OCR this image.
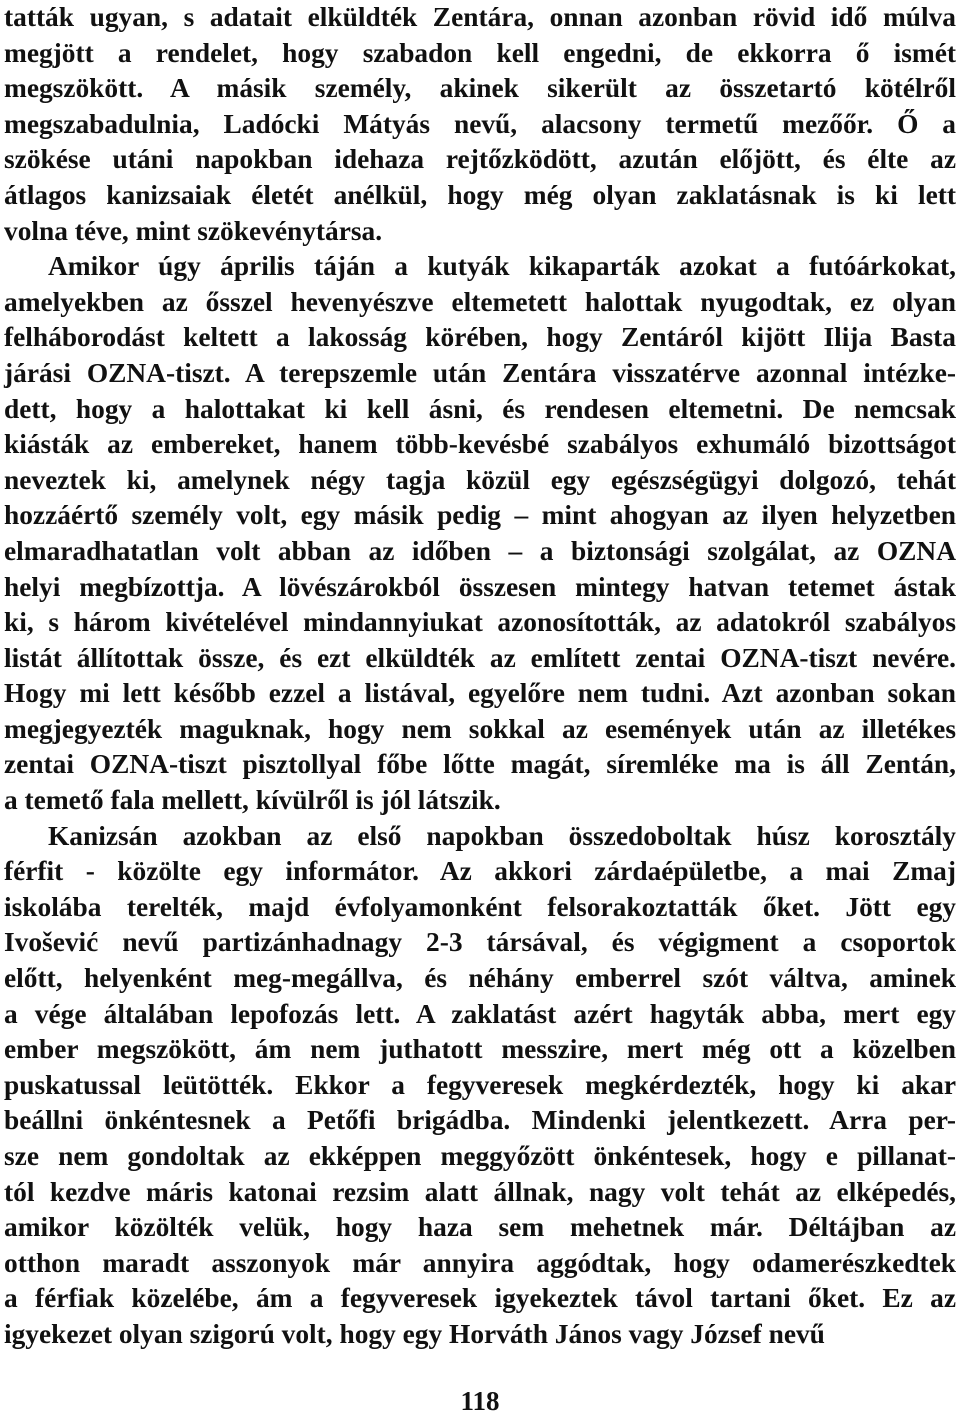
tatták ugyan, s adatait elküldték Zentára, onnan azonban rövid idő múlva
megjött a rendelet, hogy szabadon kell engedni, de ekkorra ő ismét
megszökött. A másik személy, akinek sikerült az összetartó kötélről
megszabadulnia, Ladócki Mátyás nevű, alacsony termetű mezőőr. Ő a
szökése utáni napokban idehaza rejtőzködött, azután előjött, és élte az
átlagos kanizsaiak életét anélkül, hogy még olyan zaklatásnak is ki lett
volna téve, mint szökevénytársa.
Amikor úgy április táján a kutyák kikaparták azokat a futóárkokat,
amelyekben az ősszel hevenyészve eltemetett halottak nyugodtak, ez olyan
felháborodást keltett a lakosság körében, hogy Zentáról kijött Ilija Basta
járási OZNA-tiszt. A terepszemle után Zentára visszatérve azonnal intézke-
dett, hogy a halottakat ki kell ásni, és rendesen eltemetni. De nemcsak
kiásták az embereket, hanem több-kevésbé szabályos exhumáló bizottságot
neveztek ki, amelynek négy tagja közül egy egészségügyi dolgozó, tehát
hozzáértő személy volt, egy másik pedig – mint ahogyan az ilyen helyzetben
elmaradhatatlan volt abban az időben – a biztonsági szolgálat, az OZNA
helyi megbízottja. A lövészárokból összesen mintegy hatvan tetemet ástak
ki, s három kivételével mindannyiukat azonosították, az adatokról szabályos
listát állítottak össze, és ezt elküldték az említett zentai OZNA-tiszt nevére.
Hogy mi lett később ezzel a listával, egyelőre nem tudni. Azt azonban sokan
megjegyezték maguknak, hogy nem sokkal az események után az illetékes
zentai OZNA-tiszt pisztollyal főbe lőtte magát, síremléke ma is áll Zentán,
a temető fala mellett, kívülről is jól látszik.
Kanizsán azokban az első napokban összedoboltak húsz korosztály
férfit - közölte egy informátor. Az akkori zárdaépületbe, a mai Zmaj
iskolába terelték, majd évfolyamonként felsorakoztatták őket. Jött egy
Ivošević nevű partizánhadnagy 2-3 társával, és végigment a csoportok
előtt, helyenként meg-megállva, és néhány emberrel szót váltva, aminek
a vége általában lepofozás lett. A zaklatást azért hagyták abba, mert egy
ember megszökött, ám nem juthatott messzire, mert még ott a közelben
puskatussal leütötték. Ekkor a fegyveresek megkérdezték, hogy ki akar
beállni önkéntesnek a Petőfi brigádba. Mindenki jelentkezett. Arra per-
sze nem gondoltak az ekképpen meggyőzött önkéntesek, hogy e pillanat-
tól kezdve máris katonai rezsim alatt állnak, nagy volt tehát az elképedés,
amikor közölték velük, hogy haza sem mehetnek már. Déltájban az
otthon maradt asszonyok már annyira aggódtak, hogy odamerészkedtek
a férfiak közelébe, ám a fegyveresek igyekeztek távol tartani őket. Ez az
igyekezet olyan szigorú volt, hogy egy Horváth János vagy József nevű
118
